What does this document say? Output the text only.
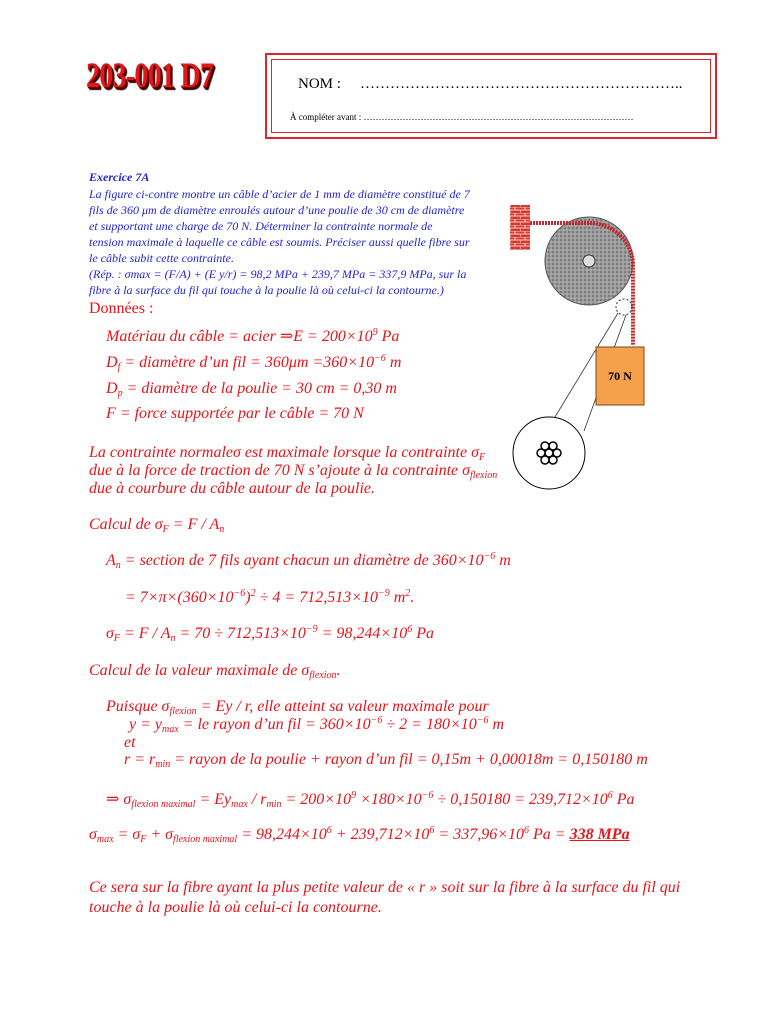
203-001 D7	NOM : ………………………………………………………..
À compléter avant : ………………………………………………………………………………
Exercice 7A
La figure ci-contre montre un câble d’acier de 1 mm de diamètre constitué de 7
fils de 360 μm de diamètre enroulés autour d’une poulie de 30 cm de diamètre
et supportant une charge de 70 N. Déterminer la contrainte normale de
tension maximale à laquelle ce câble est soumis. Préciser aussi quelle fibre sur
le câble subit cette contrainte.
(Rép. : σmax = (F/A) + (E y/r) = 98,2 MPa + 239,7 MPa = 337,9 MPa, sur la
fibre à la surface du fil qui touche à la poulie là où celui-ci la contourne.)
70 N
Données :
Matériau du câble = acier ⇒E = $200\times 10^9$ Pa
$D_f$ = diamètre d’un fil = $360\mu m =360\times 10^{-6}$ m
$D_p$ = diamètre de la poulie = 30 cm = 0,30 m
F = force supportée par le câble = 70 N
La contrainte normaleσ est maximale lorsque la contrainte $\sigma_F$
due à la force de traction de 70 N s’ajoute à la contrainte $\sigma_{flexion}$
due à courbure du câble autour de la poulie.
Calcul de $\sigma_F = F / A_n$
$A_n$ = section de 7 fils ayant chacun un diamètre de $360\times 10^{-6}$ m
= $7\times\pi\times(360\times 10^{-6})^2 \div 4 = 712,513\times 10^{-9}$ $m^2$.
$\sigma_F = F / A_n = 70 \div 712,513\times 10^{-9} = 98,244\times 10^6$ Pa
Calcul de la valeur maximale de $\sigma_{flexion}$.
Puisque $\sigma_{flexion} = Ey / r$, elle atteint sa valeur maximale pour
$y = y_{max}$ = le rayon d’un fil = $360\times 10^{-6} \div 2 = 180\times 10^{-6}$ m
et
$r = r_{min}$ = rayon de la poulie + rayon d’un fil = 0,15m + 0,00018m = 0,150180 m
⇒ $\sigma_{flexion maximal} = Ey_{max} / r_{min} = 200\times 10^9 \times 180\times 10^{-6} \div 0,150180 = 239,712\times 10^6$ Pa
$\sigma_{max} = \sigma_F + \sigma_{flexion maximal} = 98,244\times 10^6 + 239,712\times 10^6 = 337,96\times 10^6$ Pa = 338 MPa
Ce sera sur la fibre ayant la plus petite valeur de « r » soit sur la fibre à la surface du fil qui
touche à la poulie là où celui-ci la contourne.
